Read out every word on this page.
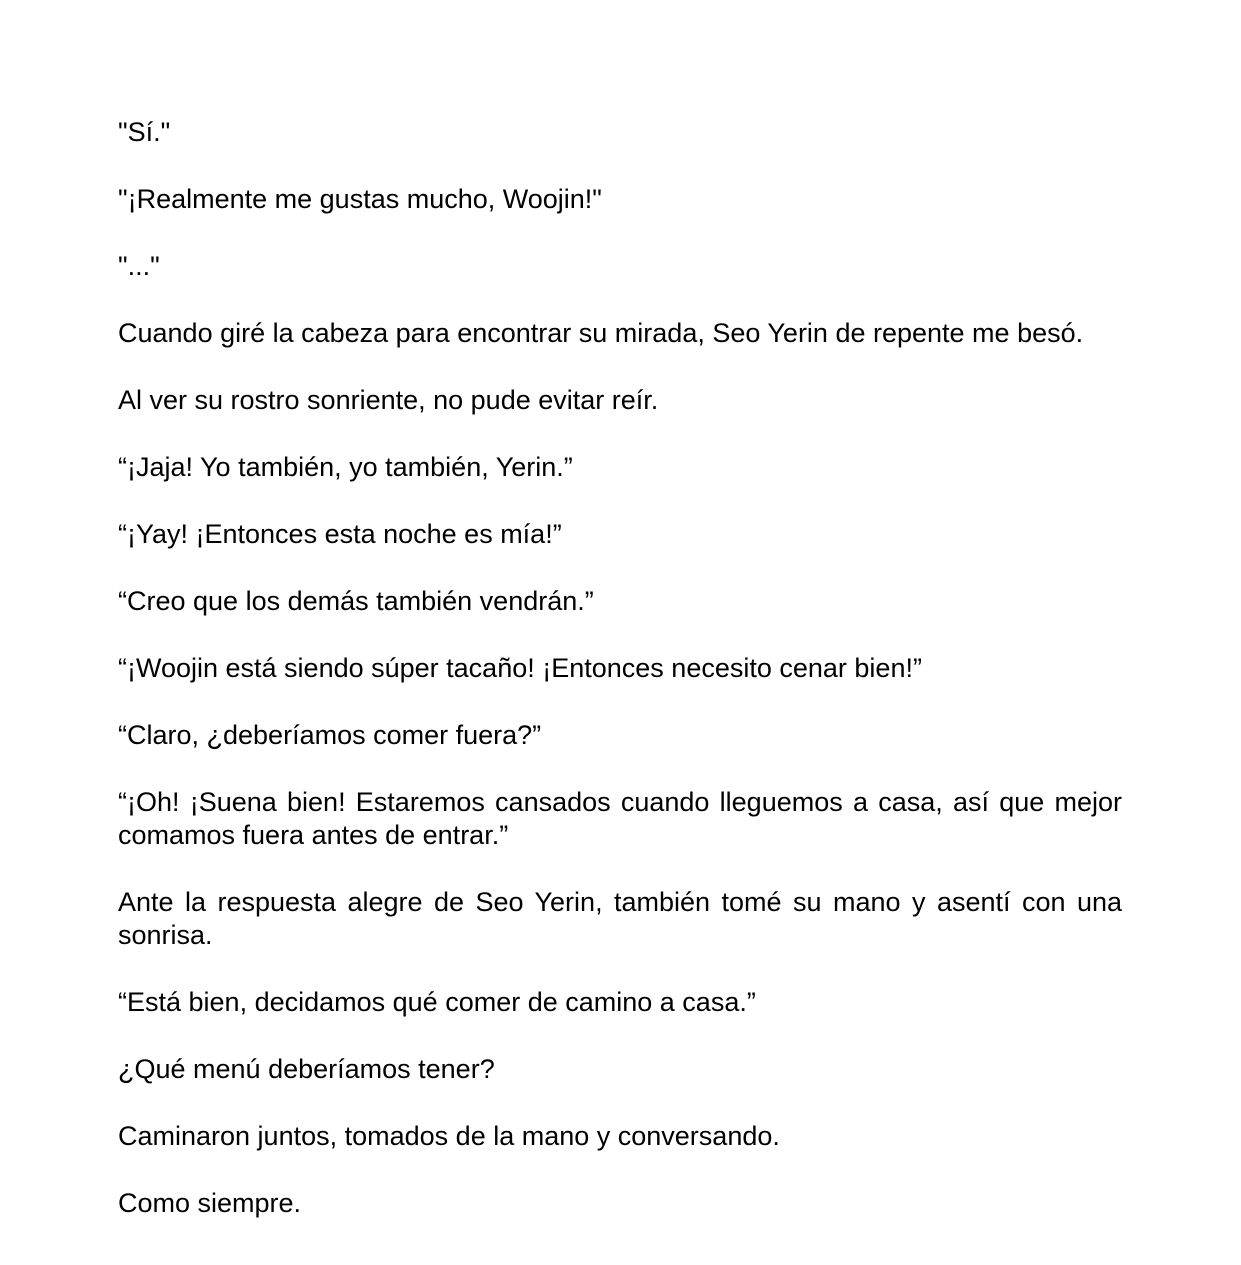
"Sí."

"¡Realmente me gustas mucho, Woojin!"

"..."

Cuando giré la cabeza para encontrar su mirada, Seo Yerin de repente me besó.

Al ver su rostro sonriente, no pude evitar reír.

“¡Jaja! Yo también, yo también, Yerin.”

“¡Yay! ¡Entonces esta noche es mía!”

“Creo que los demás también vendrán.”

“¡Woojin está siendo súper tacaño! ¡Entonces necesito cenar bien!”

“Claro, ¿deberíamos comer fuera?”

“¡Oh! ¡Suena bien! Estaremos cansados cuando lleguemos a casa, así que mejor comamos fuera antes de entrar.”

Ante la respuesta alegre de Seo Yerin, también tomé su mano y asentí con una sonrisa.

“Está bien, decidamos qué comer de camino a casa.”

¿Qué menú deberíamos tener?

Caminaron juntos, tomados de la mano y conversando.

Como siempre.
